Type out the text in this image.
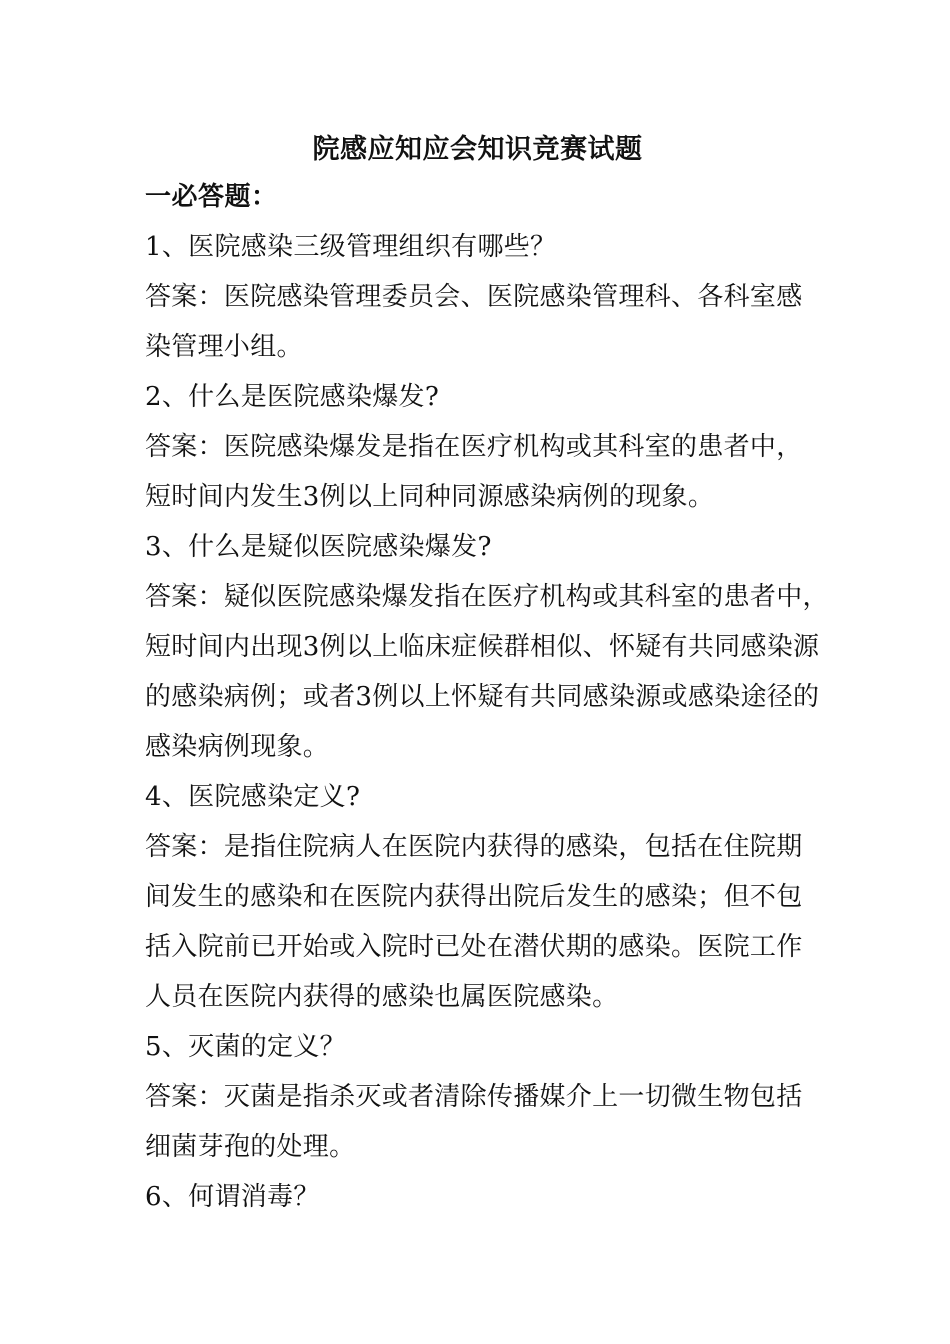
院感应知应会知识竞赛试题

一必答题：

1、医院感染三级管理组织有哪些？

答案：医院感染管理委员会、医院感染管理科、各科室感

染管理小组。

2、什么是医院感染爆发?

答案：医院感染爆发是指在医疗机构或其科室的患者中，

短时间内发生3例以上同种同源感染病例的现象。

3、什么是疑似医院感染爆发?

答案：疑似医院感染爆发指在医疗机构或其科室的患者中，

短时间内出现3例以上临床症候群相似、怀疑有共同感染源

的感染病例；或者3例以上怀疑有共同感染源或感染途径的

感染病例现象。

4、医院感染定义?

答案：是指住院病人在医院内获得的感染，包括在住院期

间发生的感染和在医院内获得出院后发生的感染；但不包

括入院前已开始或入院时已处在潜伏期的感染。医院工作

人员在医院内获得的感染也属医院感染。

5、灭菌的定义？

答案：灭菌是指杀灭或者清除传播媒介上一切微生物包括

细菌芽孢的处理。

6、何谓消毒？
